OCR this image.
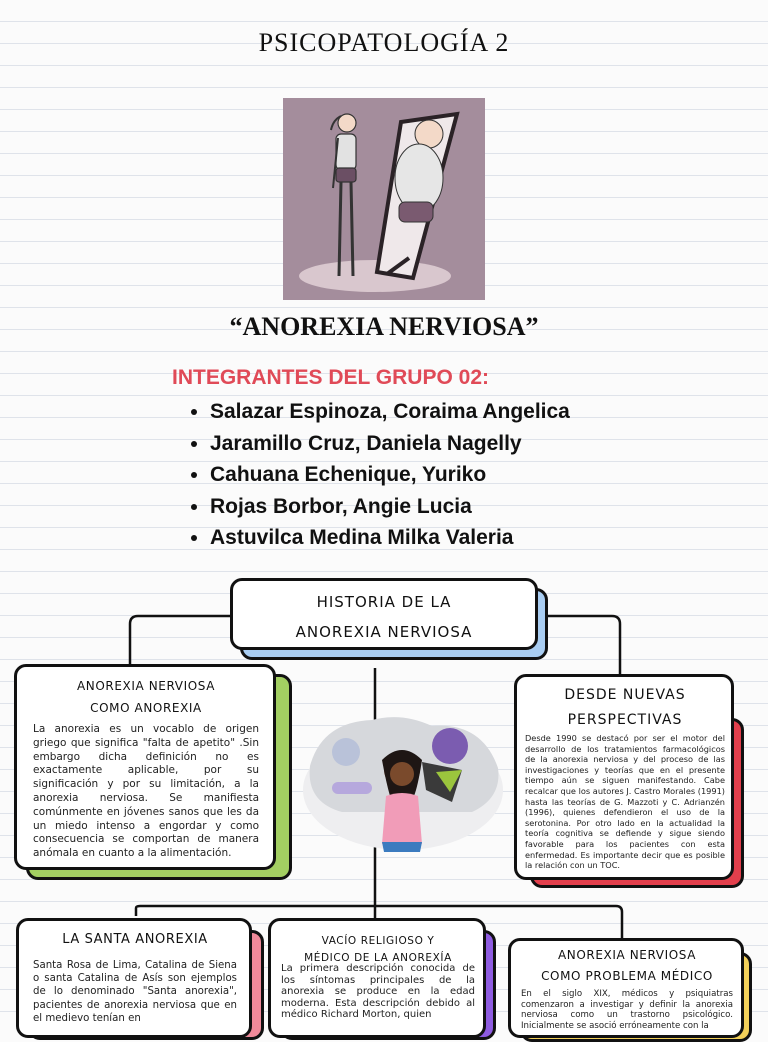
PSICOPATOLOGÍA 2
“ANOREXIA NERVIOSA”
INTEGRANTES DEL GRUPO 02:
• Salazar Espinoza, Coraima Angelica
• Jaramillo Cruz, Daniela Nagelly
• Cahuana Echenique, Yuriko
• Rojas Borbor, Angie Lucia
• Astuvilca Medina Milka Valeria
HISTORIA DE LA
ANOREXIA NERVIOSA
ANOREXIA NERVIOSA
COMO ANOREXIA
La anorexia es un vocablo de origen griego que significa "falta de apetito" .Sin embargo dicha definición no es exactamente aplicable, por su significación y por su limitación, a la anorexia nerviosa. Se manifiesta comúnmente en jóvenes sanos que les da un miedo intenso a engordar y como consecuencia se comportan de manera anómala en cuanto a la alimentación.
DESDE NUEVAS
PERSPECTIVAS
Desde 1990 se destacó por ser el motor del desarrollo de los tratamientos farmacológicos de la anorexia nerviosa y del proceso de las investigaciones y teorías que en el presente tiempo aún se siguen manifestando. Cabe recalcar que los autores J. Castro Morales (1991) hasta las teorías de G. Mazzoti y C. Adrianzén (1996), quienes defendieron el uso de la serotonina. Por otro lado en la actualidad la teoría cognitiva se defiende y sigue siendo favorable para los pacientes con esta enfermedad. Es importante decir que es posible la relación con un TOC.
LA SANTA ANOREXIA
Santa Rosa de Lima, Catalina de Siena o santa Catalina de Asís son ejemplos de lo denominado "Santa anorexia", pacientes de anorexia nerviosa que en el medievo tenían en
VACÍO RELIGIOSO Y
MÉDICO DE LA ANOREXÍA
La primera descripción conocida de los síntomas principales de la anorexia se produce en la edad moderna. Esta descripción debido al médico Richard Morton, quien
ANOREXIA NERVIOSA
COMO PROBLEMA MÉDICO
En el siglo XIX, médicos y psiquiatras comenzaron a investigar y definir la anorexia nerviosa como un trastorno psicológico. Inicialmente se asoció erróneamente con la
